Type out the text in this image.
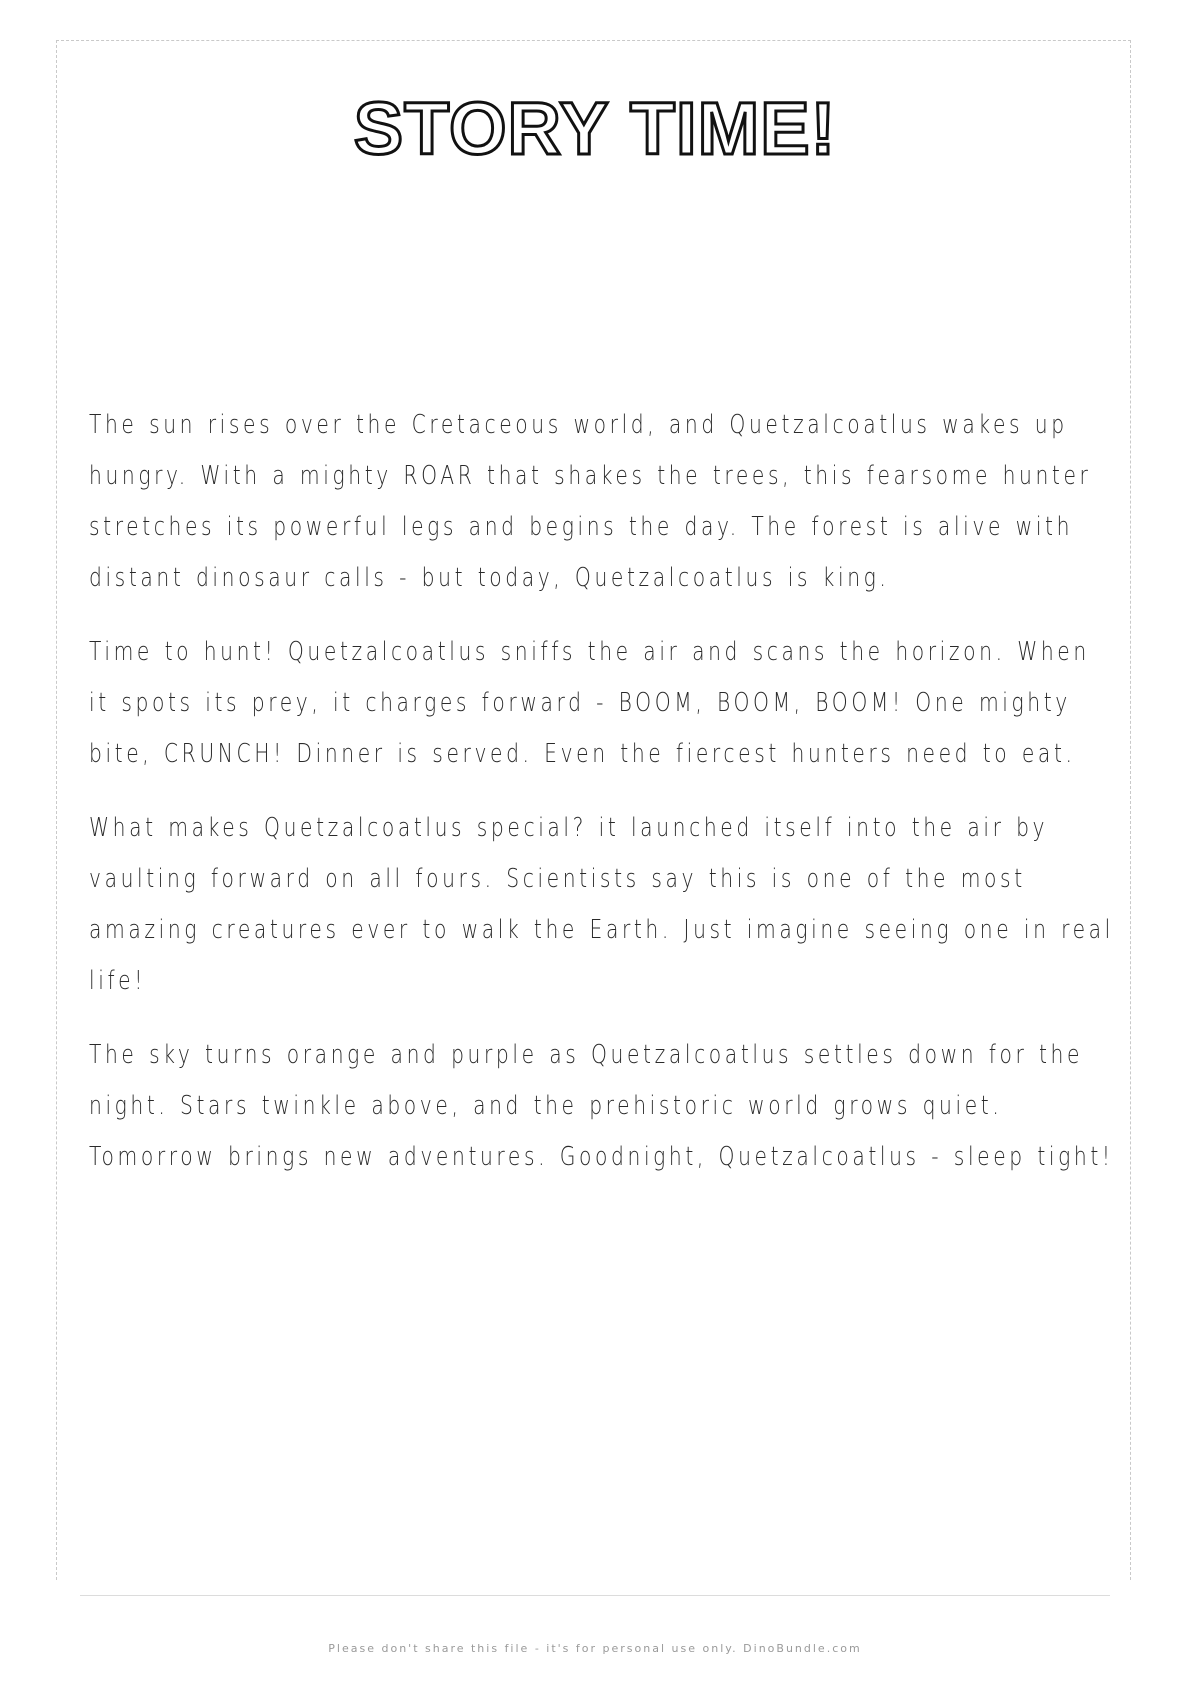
STORY TIME!

The sun rises over the Cretaceous world, and Quetzalcoatlus wakes up hungry. With a mighty ROAR that shakes the trees, this fearsome hunter stretches its powerful legs and begins the day. The forest is alive with distant dinosaur calls - but today, Quetzalcoatlus is king.

Time to hunt! Quetzalcoatlus sniffs the air and scans the horizon. When it spots its prey, it charges forward - BOOM, BOOM, BOOM! One mighty bite, CRUNCH! Dinner is served. Even the fiercest hunters need to eat.

What makes Quetzalcoatlus special? it launched itself into the air by vaulting forward on all fours. Scientists say this is one of the most amazing creatures ever to walk the Earth. Just imagine seeing one in real life!

The sky turns orange and purple as Quetzalcoatlus settles down for the night. Stars twinkle above, and the prehistoric world grows quiet. Tomorrow brings new adventures. Goodnight, Quetzalcoatlus - sleep tight!

Please don't share this file - it's for personal use only. DinoBundle.com
